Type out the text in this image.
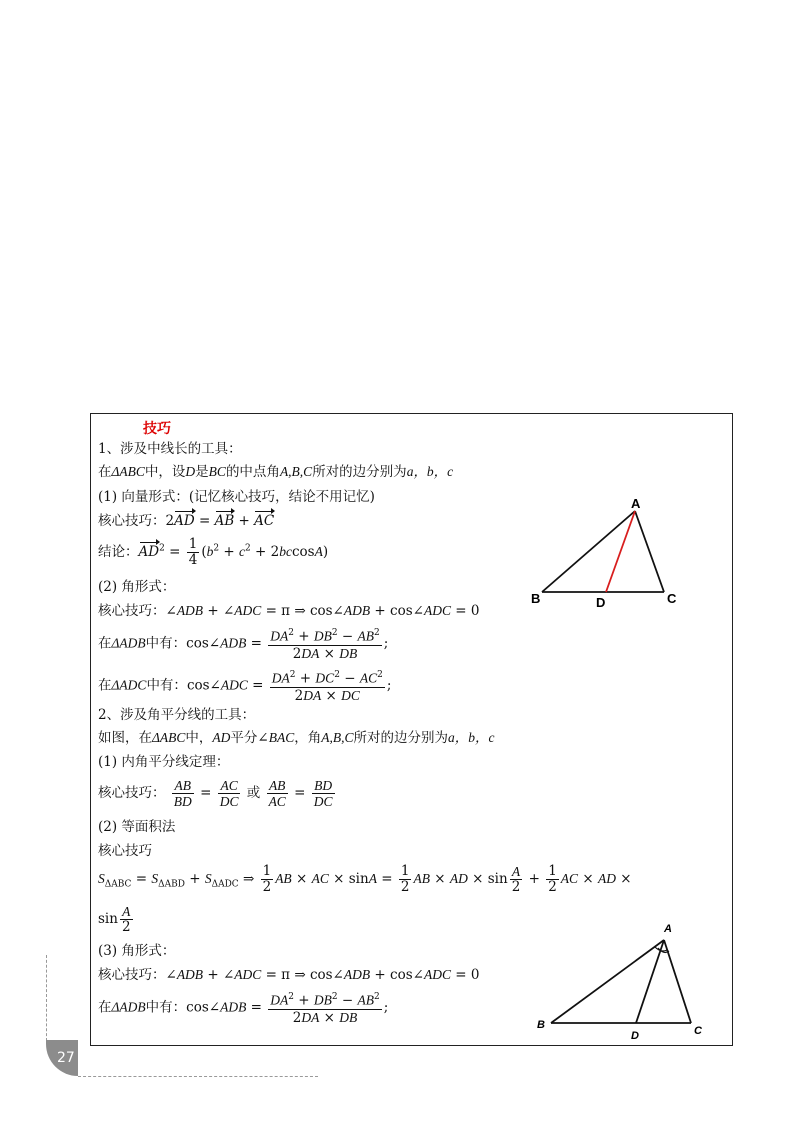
技巧
1、涉及中线长的工具：
在ΔABC中，设D是BC的中点角A,B,C所对的边分别为a，b，c
(1) 向量形式：(记忆核心技巧，结论不用记忆)
核心技巧：2AD = AB + AC
结论：$AD^2 = \frac{1}{4} (b^2 + c^2 + 2bccosA)$
(2) 角形式：
核心技巧：∠ADB + ∠ADC = π ⇒ cos∠ADB + cos∠ADC = 0
在ΔADB中有：cos∠ADB = $\frac{DA^2 + DB^2 - AB^2}{2DA \times DB}$ ;
在ΔADC中有：cos∠ADC = $\frac{DA^2 + DC^2 - AC^2}{2DA \times DC}$ ;
2、涉及角平分线的工具：
如图，在ΔABC中，AD平分∠BAC，角A,B,C所对的边分别为a，b，c
(1) 内角平分线定理：
核心技巧： $\frac{AB}{BD} = \frac{AC}{DC}$ 或 $\frac{AB}{AC} = \frac{BD}{DC}$
(2) 等面积法
核心技巧
$S_{\Delta ABC} = S_{\Delta ABD} + S_{\Delta ADC}$ ⇒ $\frac{1}{2}$ AB × AC × $\sin A = \frac{1}{2}$ AB × AD × $\sin \frac{A}{2} + \frac{1}{2}$ AC × AD ×
$\sin \frac{A}{2}$
(3) 角形式：
核心技巧：∠ADB + ∠ADC = π ⇒ cos∠ADB + cos∠ADC = 0
在ΔADB中有：cos∠ADB = $\frac{DA^2 + DB^2 - AB^2}{2DA \times DB}$ ;
A
B	C
D
A
B	C
D
27
